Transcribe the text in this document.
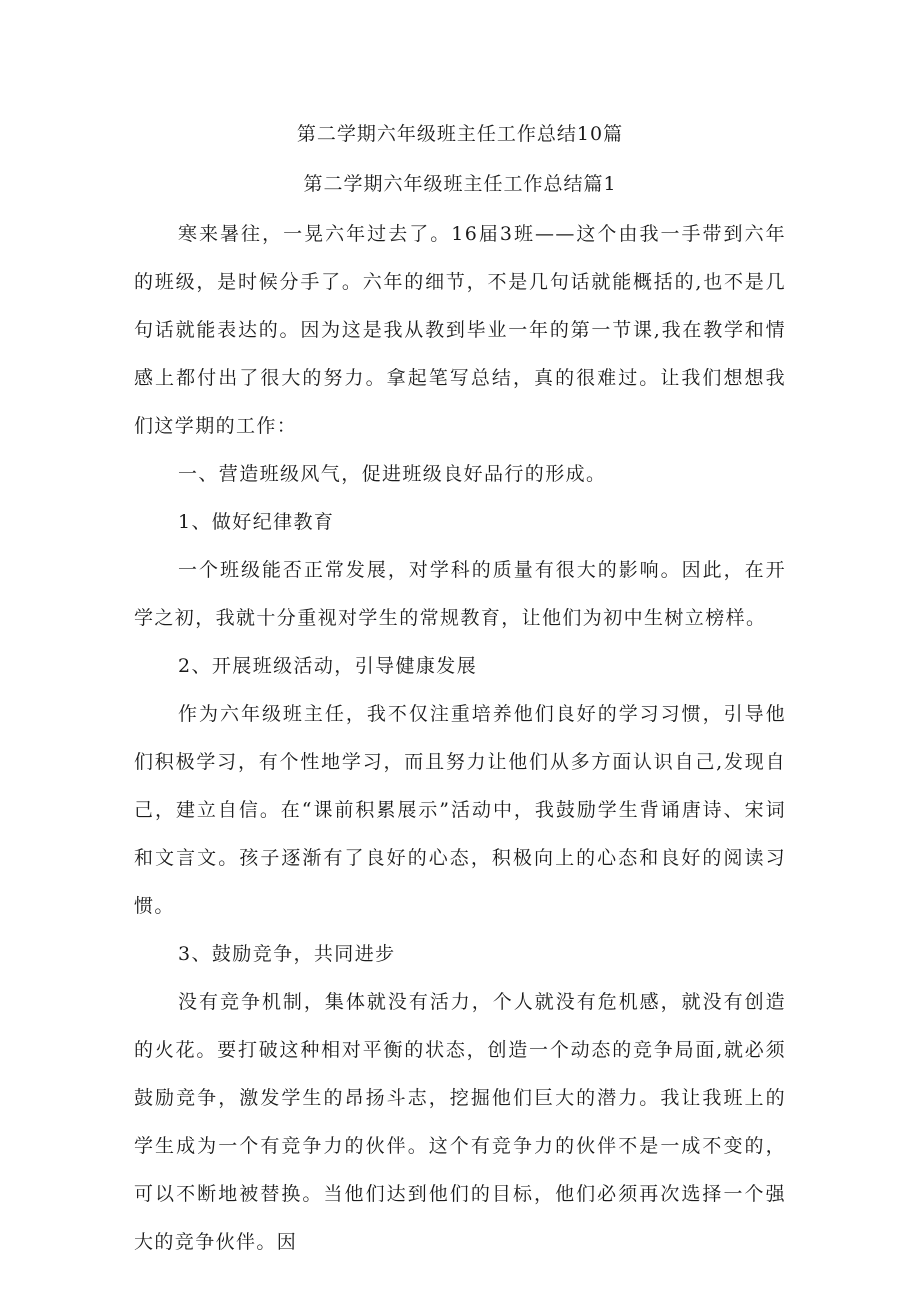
第二学期六年级班主任工作总结10篇
第二学期六年级班主任工作总结篇1

寒来暑往，一晃六年过去了。16届3班——这个由我一手带到六年的班级，是时候分手了。六年的细节，不是几句话就能概括的,也不是几句话就能表达的。因为这是我从教到毕业一年的第一节课,我在教学和情感上都付出了很大的努力。拿起笔写总结，真的很难过。让我们想想我们这学期的工作：

一、营造班级风气，促进班级良好品行的形成。

1、做好纪律教育

一个班级能否正常发展，对学科的质量有很大的影响。因此，在开学之初，我就十分重视对学生的常规教育，让他们为初中生树立榜样。

2、开展班级活动，引导健康发展

作为六年级班主任，我不仅注重培养他们良好的学习习惯，引导他们积极学习，有个性地学习，而且努力让他们从多方面认识自己,发现自己，建立自信。在“课前积累展示”活动中，我鼓励学生背诵唐诗、宋词和文言文。孩子逐渐有了良好的心态，积极向上的心态和良好的阅读习惯。

3、鼓励竞争，共同进步

没有竞争机制，集体就没有活力，个人就没有危机感，就没有创造的火花。要打破这种相对平衡的状态，创造一个动态的竞争局面,就必须鼓励竞争，激发学生的昂扬斗志，挖掘他们巨大的潜力。我让我班上的学生成为一个有竞争力的伙伴。这个有竞争力的伙伴不是一成不变的，可以不断地被替换。当他们达到他们的目标，他们必须再次选择一个强大的竞争伙伴。因
